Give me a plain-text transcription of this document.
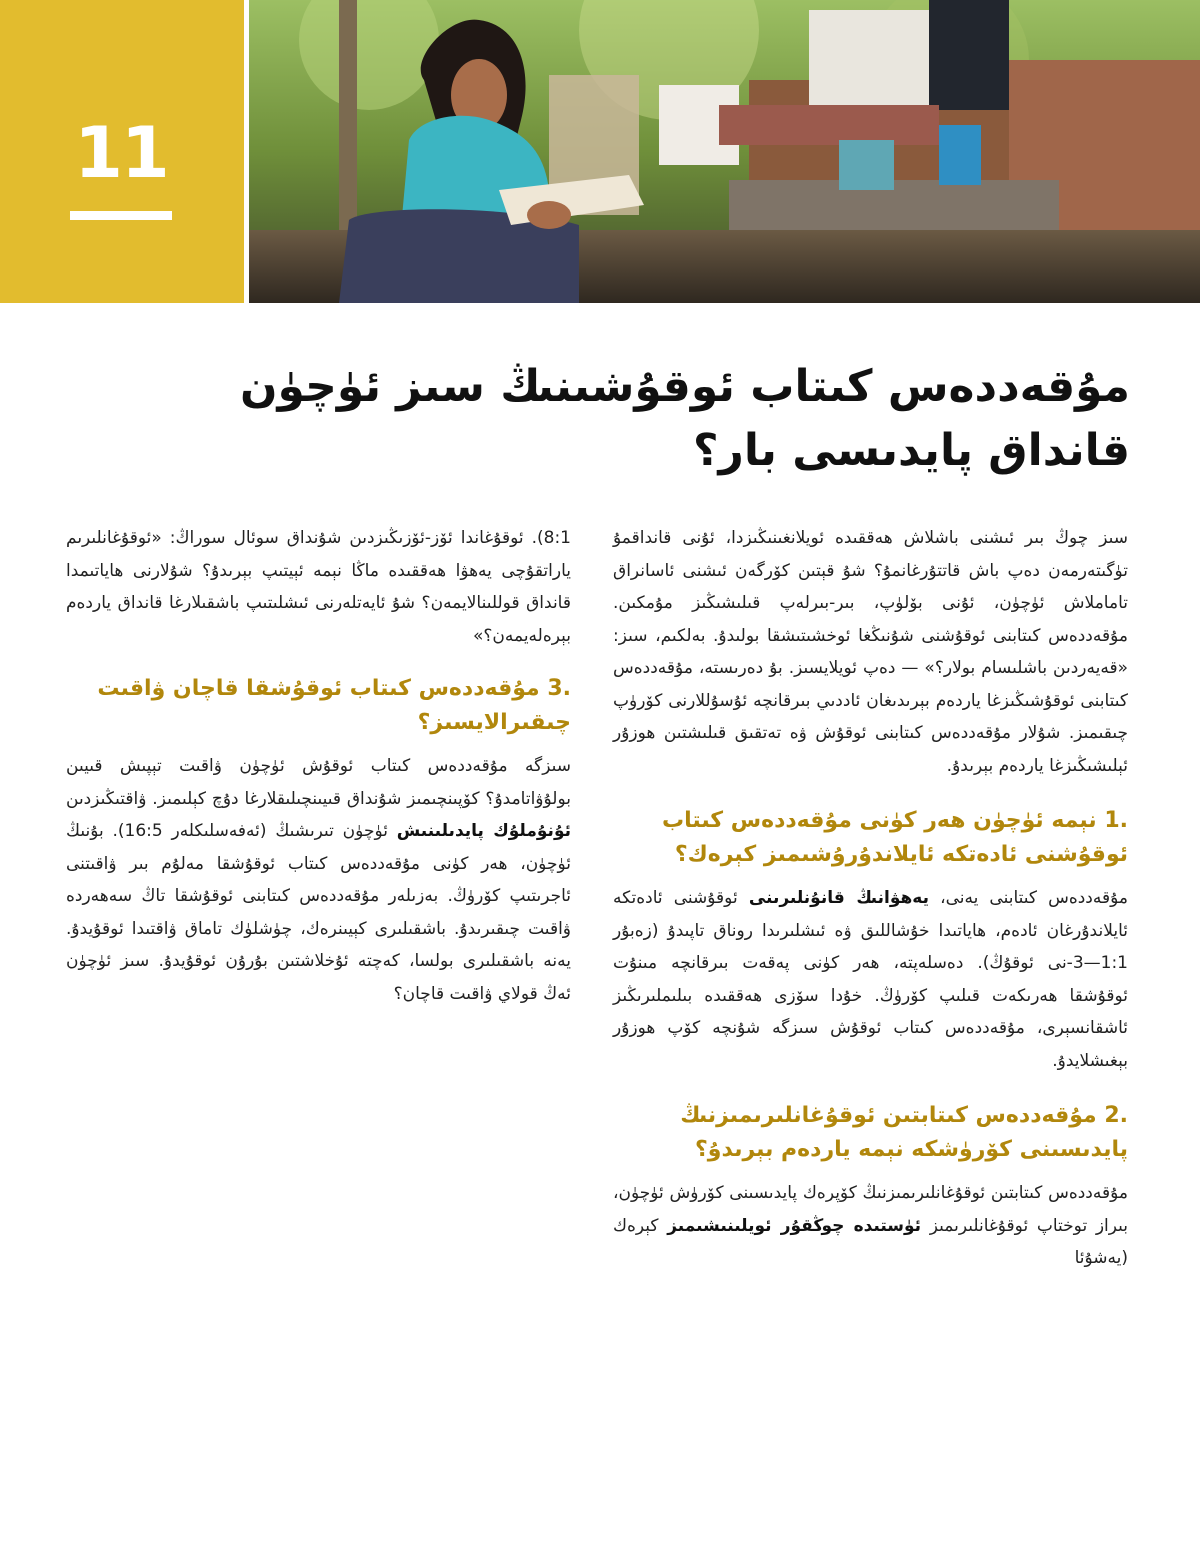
11
مۇقەددەس كىتاب ئوقۇشىنىڭ سىز ئۈچۈن قانداق پايدىسى بار؟

سىز چوڭ بىر ئىشنى باشلاش ھەققىدە ئويلانغىنىڭىزدا، ئۇنى قانداقمۇ تۈگىتەرمەن دەپ باش قاتتۇرغانمۇ؟ شۇ قېتىن كۆرگەن ئىشنى ئاسانراق تاماملاش ئۈچۈن، ئۇنى بۆلۈپ، بىر-بىرلەپ قىلىشىڭىز مۇمكىن. مۇقەددەس كىتابنى ئوقۇشنى شۇنىڭغا ئوخشىتىشقا بولىدۇ. بەلكىم، سىز: «قەيەردىن باشلىسام بولار؟» — دەپ ئويلايسىز. بۇ دەرىستە، مۇقەددەس كىتابنى ئوقۇشىڭىزغا ياردەم بېرىدىغان ئاددىي بىرقانچە ئۇسۇللارنى كۆرۈپ چىقىمىز. شۇلار مۇقەددەس كىتابنى ئوقۇش ۋە تەتقىق قىلىشتىن ھوزۇر ئېلىشىڭىزغا ياردەم بېرىدۇ.

.1 نېمە ئۈچۈن ھەر كۈنى مۇقەددەس كىتاب ئوقۇشنى ئادەتكە ئايلاندۇرۇشىمىز كېرەك؟

مۇقەددەس كىتابنى يەنى، يەھۋانىڭ قانۇنلىرىنى ئوقۇشنى ئادەتكە ئايلاندۇرغان ئادەم، ھاياتىدا خۇشاللىق ۋە ئىشلىرىدا روناق تاپىدۇ (زەبۇر 1:1—3-نى ئوقۇڭ). دەسلەپتە، ھەر كۈنى پەقەت بىرقانچە مىنۇت ئوقۇشقا ھەرىكەت قىلىپ كۆرۈڭ. خۇدا سۆزى ھەققىدە بىلىملىرىڭىز ئاشقانسېرى، مۇقەددەس كىتاب ئوقۇش سىزگە شۇنچە كۆپ ھوزۇر بېغىشلايدۇ.

.2 مۇقەددەس كىتابتىن ئوقۇغانلىرىمىزنىڭ پايدىسىنى كۆرۈشكە نېمە ياردەم بېرىدۇ؟

مۇقەددەس كىتابتىن ئوقۇغانلىرىمىزنىڭ كۆپرەك پايدىسىنى كۆرۈش ئۈچۈن، بىراز توختاپ ئوقۇغانلىرىمىز ئۈستىدە چوڭقۇر ئويلىنىشىمىز كېرەك (يەشۇئا

8:1). ئوقۇغاندا ئۆز-ئۆزىڭىزدىن شۇنداق سوئال سوراڭ: «ئوقۇغانلىرىم ياراتقۇچى يەھۋا ھەققىدە ماڭا نېمە ئېيتىپ بېرىدۇ؟ شۇلارنى ھاياتىمدا قانداق قوللىنالايمەن؟ شۇ ئايەتلەرنى ئىشلىتىپ باشقىلارغا قانداق ياردەم بېرەلەيمەن؟»

.3 مۇقەددەس كىتاب ئوقۇشقا قاچان ۋاقىت چىقىرالايسىز؟

سىزگە مۇقەددەس كىتاب ئوقۇش ئۈچۈن ۋاقىت تېپىش قىيىن بولۇۋاتامدۇ؟ كۆپىنچىمىز شۇنداق قىيىنچىلىقلارغا دۇچ كېلىمىز. ۋاقتىڭىزدىن ئۇنۇملۇك پايدىلىنىش ئۈچۈن تىرىشىڭ (ئەفەسلىكلەر 16:5). بۇنىڭ ئۈچۈن، ھەر كۈنى مۇقەددەس كىتاب ئوقۇشقا مەلۇم بىر ۋاقىتنى ئاجرىتىپ كۆرۈڭ. بەزىلەر مۇقەددەس كىتابنى ئوقۇشقا تاڭ سەھەردە ۋاقىت چىقىرىدۇ. باشقىلىرى كېيىنرەك، چۈشلۈك تاماق ۋاقتىدا ئوقۇيدۇ. يەنە باشقىلىرى بولسا، كەچتە ئۇخلاشتىن بۇرۇن ئوقۇيدۇ. سىز ئۈچۈن ئەڭ قولاي ۋاقىت قاچان؟
